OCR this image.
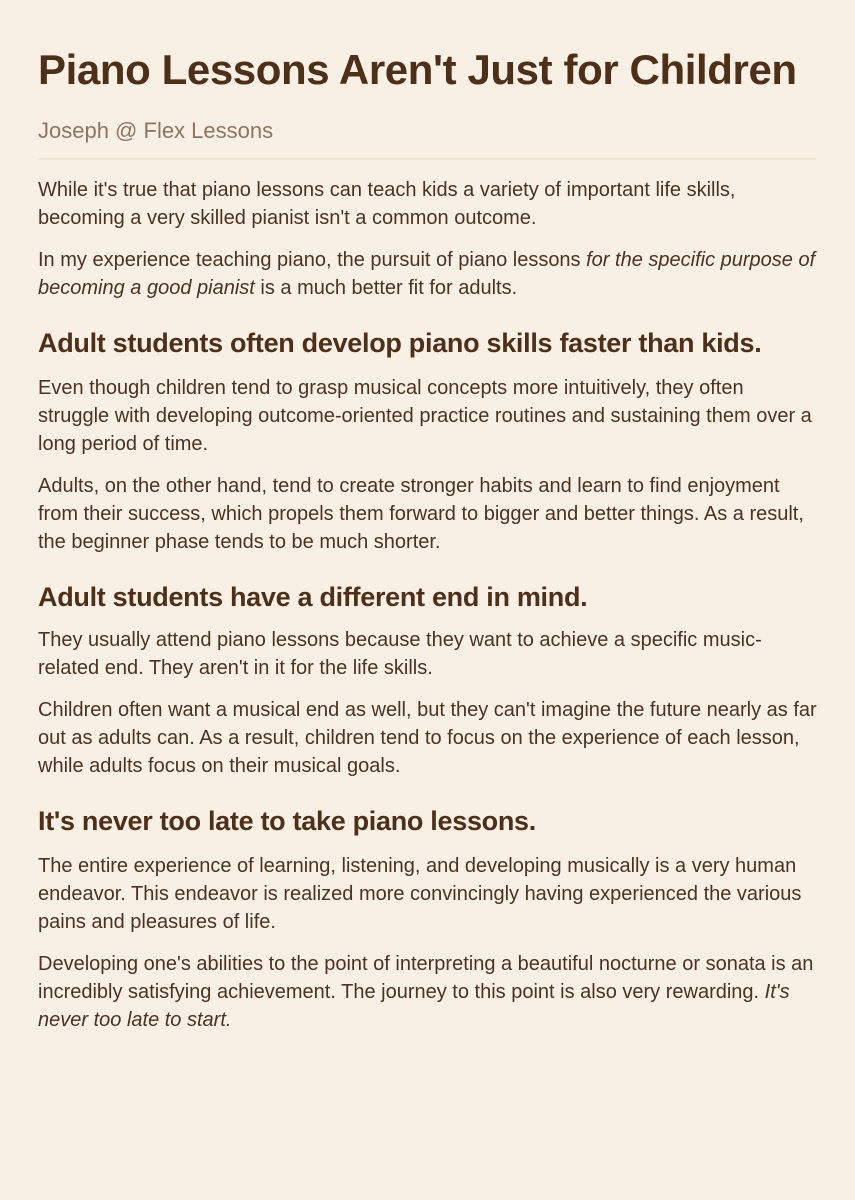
Piano Lessons Aren't Just for Children
Joseph @ Flex Lessons

While it's true that piano lessons can teach kids a variety of important life skills, becoming a very skilled pianist isn't a common outcome.

In my experience teaching piano, the pursuit of piano lessons for the specific purpose of becoming a good pianist is a much better fit for adults.

Adult students often develop piano skills faster than kids.

Even though children tend to grasp musical concepts more intuitively, they often struggle with developing outcome-oriented practice routines and sustaining them over a long period of time.

Adults, on the other hand, tend to create stronger habits and learn to find enjoyment from their success, which propels them forward to bigger and better things. As a result, the beginner phase tends to be much shorter.

Adult students have a different end in mind.

They usually attend piano lessons because they want to achieve a specific music-related end. They aren't in it for the life skills.

Children often want a musical end as well, but they can't imagine the future nearly as far out as adults can. As a result, children tend to focus on the experience of each lesson, while adults focus on their musical goals.

It's never too late to take piano lessons.

The entire experience of learning, listening, and developing musically is a very human endeavor. This endeavor is realized more convincingly having experienced the various pains and pleasures of life.

Developing one's abilities to the point of interpreting a beautiful nocturne or sonata is an incredibly satisfying achievement. The journey to this point is also very rewarding. It's never too late to start.
